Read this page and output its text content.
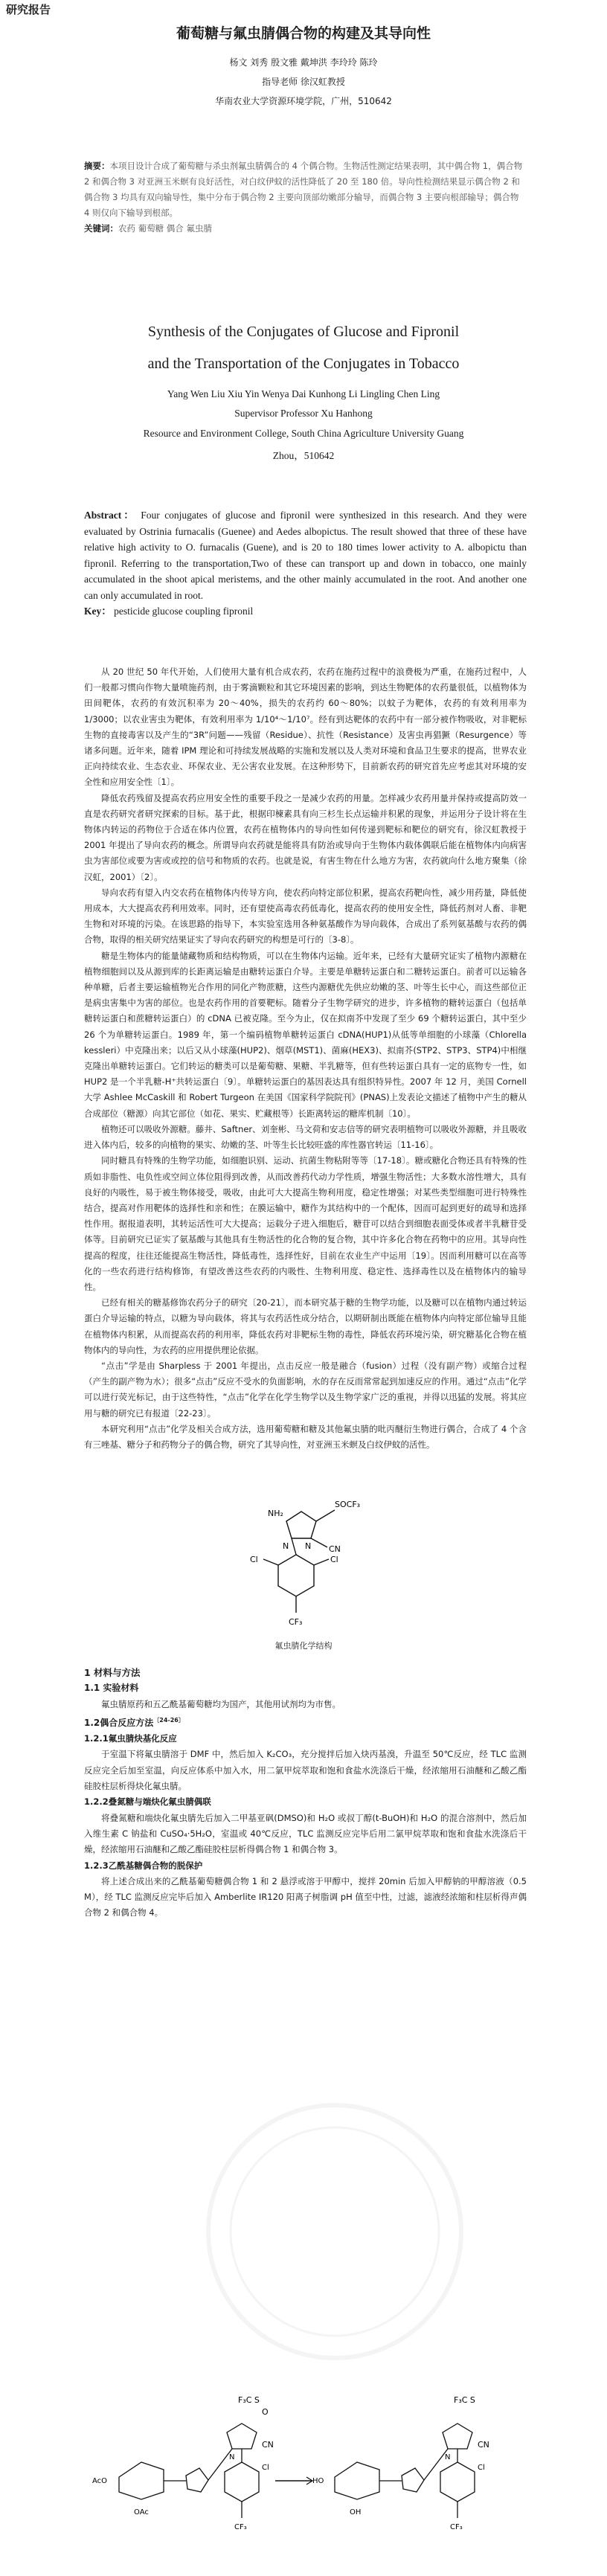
研究报告
葡萄糖与氟虫腈偶合物的构建及其导向性
杨文 刘秀 殷文雅 戴坤洪 李玲玲 陈玲
指导老师 徐汉虹教授
华南农业大学资源环境学院，广州，510642
摘要：本项目设计合成了葡萄糖与杀虫剂氟虫腈偶合的 4 个偶合物。生物活性测定结果表明，其中偶合物 1，偶合物 2 和偶合物 3 对亚洲玉米螟有良好活性，对白纹伊蚊的活性降低了 20 至 180 倍。导向性检测结果显示偶合物 2 和偶合物 3 均具有双向输导性，集中分布于偶合物 2 主要向顶部幼嫩部分输导，而偶合物 3 主要向根部输导；偶合物 4 则仅向下输导到根部。
关键词：农药 葡萄糖 偶合 氟虫腈
Synthesis of the Conjugates of Glucose and Fipronil
and the Transportation of the Conjugates in Tobacco
Yang Wen Liu Xiu Yin Wenya Dai Kunhong Li Lingling Chen Ling
Supervisor Professor Xu Hanhong
Resource and Environment College, South China Agriculture University Guang
Zhou，510642
Abstract： Four conjugates of glucose and fipronil were synthesized in this research. And they were evaluated by Ostrinia furnacalis (Guenee) and Aedes albopictus. The result showed that three of these have relative high activity to O. furnacalis (Guene), and is 20 to 180 times lower activity to A. albopictu than fipronil. Referring to the transportation,Two of these can transport up and down in tobacco, one mainly accumulated in the shoot apical meristems, and the other mainly accumulated in the root. And another one can only accumulated in root.
Key： pesticide glucose coupling fipronil

从 20 世纪 50 年代开始，人们使用大量有机合成农药，农药在施药过程中的浪费极为严重，在施药过程中，人们一般都习惯向作物大量喷施药剂，由于雾滴颗粒和其它环境因素的影响，到达生物靶体的农药量很低，以植物体为田间靶体，农药的有效沉积率为 20～40%，损失的农药约 60～80%；以蚊子为靶体，农药的有效利用率为 1/3000；以农业害虫为靶体，有效利用率为 1/10⁴～1/10⁷。经有到达靶体的农药中有一部分被作物吸收，对非靶标生物的直接毒害以及产生的“3R”问题——残留（Residue）、抗性（Resistance）及害虫再猖獗（Resurgence）等诸多问题。近年来，随着 IPM 理论和可持续发展战略的实施和发展以及人类对环境和食品卫生要求的提高，世界农业正向持续农业、生态农业、环保农业、无公害农业发展。在这种形势下，目前新农药的研究首先应考虑其对环境的安全性和应用安全性〔1〕。

降低农药残留及提高农药应用安全性的重要手段之一是减少农药的用量。怎样减少农药用量并保持或提高防效一直是农药研究者研究探索的目标。基于此，根据印楝素具有向三杉生长点运输并积累的现象，并运用分子设计将在生物体内转运的药物位于合适在体内位置，农药在植物体内的导向性如何传递到靶标和靶位的研究有，徐汉虹教授于 2001 年提出了导向农药的概念。所谓导向农药就是能将具有防治或导向于生物体内载体偶联后能在植物体内向病害虫为害部位或要为害或或控的信号和物质的农药。也就是说，有害生物在什么地方为害，农药就向什么地方聚集（徐汉虹，2001）〔2〕。

导向农药有望入内交农药在植物体内传导方向，使农药向特定部位积累，提高农药靶向性，减少用药量，降低使用成本，大大提高农药利用效率。同时，还有望使高毒农药低毒化，提高农药的使用安全性，降低药剂对人畜、非靶生物和对环境的污染。在该思路的指导下，本实验室选用各种氨基酸作为导向载体，合成出了系列氨基酸与农药的偶合物，取得的相关研究结果证实了导向农药研究的构想是可行的〔3-8〕。

糖是生物体内的能量储藏物质和结构物质，可以在生物体内运输。近年来，已经有大量研究证实了植物内源糖在植物细胞间以及从源到库的长距离运输是由糖转运蛋白介导。主要是单糖转运蛋白和二糖转运蛋白。前者可以运输各种单糖，后者主要运输植物光合作用的同化产物蔗糖，这些内源糖优先供应幼嫩的茎、叶等生长中心，而这些部位正是病虫害集中为害的部位。也是农药作用的首要靶标。随着分子生物学研究的进步，许多植物的糖转运蛋白（包括单糖转运蛋白和蔗糖转运蛋白）的 cDNA 已被克隆。至今为止，仅在拟南芥中发现了至少 69 个糖转运蛋白，其中至少 26 个为单糖转运蛋白。1989 年，第一个编码植物单糖转运蛋白 cDNA(HUP1)从低等单细胞的小球藻（Chlorella kessleri）中克隆出来；以后又从小球藻(HUP2)、烟草(MST1)、菌麻(HEX3)、拟南芥(STP2、STP3、STP4)中相继克隆出单糖转运蛋白。它们转运的糖类可以是葡萄糖、果糖、半乳糖等，但有些转运蛋白具有一定的底物专一性，如 HUP2 是一个半乳糖-H⁺共转运蛋白〔9〕。单糖转运蛋白的基因表达具有组织特异性。2007 年 12 月，美国 Cornell 大学 Ashlee McCaskill 和 Robert Turgeon 在美国《国家科学院院刊》(PNAS)上发表论文描述了植物中产生的糖从合成部位（糖源）向其它部位（如花、果实、贮藏根等）长距离转运的糖库机制〔10〕。

植物还可以吸收外源糖。藤井、Saftner、刘奎彬、马文荷和安志信等的研究表明植物可以吸收外源糖，并且吸收进入体内后，较多的向植物的果实、幼嫩的茎、叶等生长比较旺盛的库性器官转运〔11-16〕。

同时糖具有特殊的生物学功能，如细胞识别、运动、抗菌生物粘附等等〔17-18〕。糖或糖化合物还具有特殊的性质如非脂性、电负性或空间立体位阻得到改善，从而改善药代动力学性质，增强生物活性；大多数水溶性增大，具有良好的内吸性，易于被生物体接受，吸收，由此可大大提高生物利用度，稳定性增强；对某些类型细胞可进行特殊性结合，提高对作用靶体的选择性和亲和性；在膜运输中，糖作为其结构中的一个配体，因而可起到更好的疏导和选择性作用。据报道表明，其转运活性可大大提高；运载分子进入细胞后，糖苷可以结合到细胞表面受体或者半乳糖苷受体等。目前研究已证实了氨基酸与其他具有生物活性的化合物的复合物，其中许多化合物在药物中的应用。其导向性提高的程度，往往还能提高生物活性，降低毒性，选择性好，目前在农业生产中运用〔19〕。因而利用糖可以在高等化的一些农药进行结构修饰，有望改善这些农药的内吸性、生物利用度、稳定性、选择毒性以及在植物体内的输导性。

已经有相关的糖基修饰农药分子的研究〔20-21〕，而本研究基于糖的生物学功能，以及糖可以在植物内通过转运蛋白介导运输的特点，以糖为导向载体，将其与农药活性成分结合，以期研制出既能在植物体内向特定部位输导且能在植物体内积累，从而提高农药的利用率，降低农药对非靶标生物的毒性，降低农药环境污染，研究糖基化合物在植物体内的导向性，为农药的应用提供理论依据。

“点击”学是由 Sharpless 于 2001 年提出，点击反应一般是融合（fusion）过程（没有副产物）或缩合过程（产生的副产物为水）；很多“点击”反应不受水的负面影响，水的存在反而常常起到加速反应的作用。通过“点击”化学可以进行荧光标记，由于这些特性，“点击”化学在化学生物学以及生物学家广泛的重视，并得以迅猛的发展。将其应用与糖的研究已有报道〔22-23〕。

本研究利用“点击”化学及相关合成方法，选用葡萄糖和糖及其他氟虫腈的吡丙醚衍生物进行偶合，合成了 4 个含有三唑基、糖分子和药物分子的偶合物，研究了其导向性，对亚洲玉米螟及白纹伊蚊的活性。

SOCF₃
CN
NH₂
N N
Cl
Cl
CF₃
氟虫腈化学结构

1 材料与方法

1.1 实验材料

氟虫腈原药和五乙酰基葡萄糖均为国产，其他用试剂均为市售。

1.2偶合反应方法$^{〔24-26〕}$

1.2.1氟虫腈炔基化反应

于室温下将氟虫腈溶于 DMF 中，然后加入 K₂CO₃，充分搅拌后加入炔丙基溴，升温至 50℃反应，经 TLC 监测反应完全后加至室温，向反应体系中加入水，用二氯甲烷萃取和饱和食盐水洗涤后干燥，经浓缩用石油醚和乙酸乙酯硅胶柱层析得炔化氟虫腈。

1.2.2叠氮糖与端炔化氟虫腈偶联

将叠氮糖和端炔化氟虫腈先后加入二甲基亚砜(DMSO)和 H₂O 或叔丁醇(t-BuOH)和 H₂O 的混合溶剂中，然后加入维生素 C 钠盐和 CuSO₄·5H₂O，室温或 40℃反应，TLC 监测反应完毕后用二氯甲烷萃取和饱和食盐水洗涤后干燥，经浓缩用石油醚和乙酸乙酯硅胶柱层析得偶合物 1 和偶合物 3。

1.2.3乙酰基糖偶合物的脱保护

将上述合成出来的乙酰基葡萄糖偶合物 1 和 2 悬浮或溶于甲醇中，搅拌 20min 后加入甲醇钠的甲醇溶液（0.5 M），经 TLC 监测反应完毕后加入 Amberlite IR120 阳离子树脂调 pH 值至中性，过滤，滤液经浓缩和柱层析得声偶合物 2 和偶合物 4。

F₃C S
O
CN
N
AcO
OAc
Cl
CF₃
F₃C S
CN
N
HO
OH
Cl
CF₃
